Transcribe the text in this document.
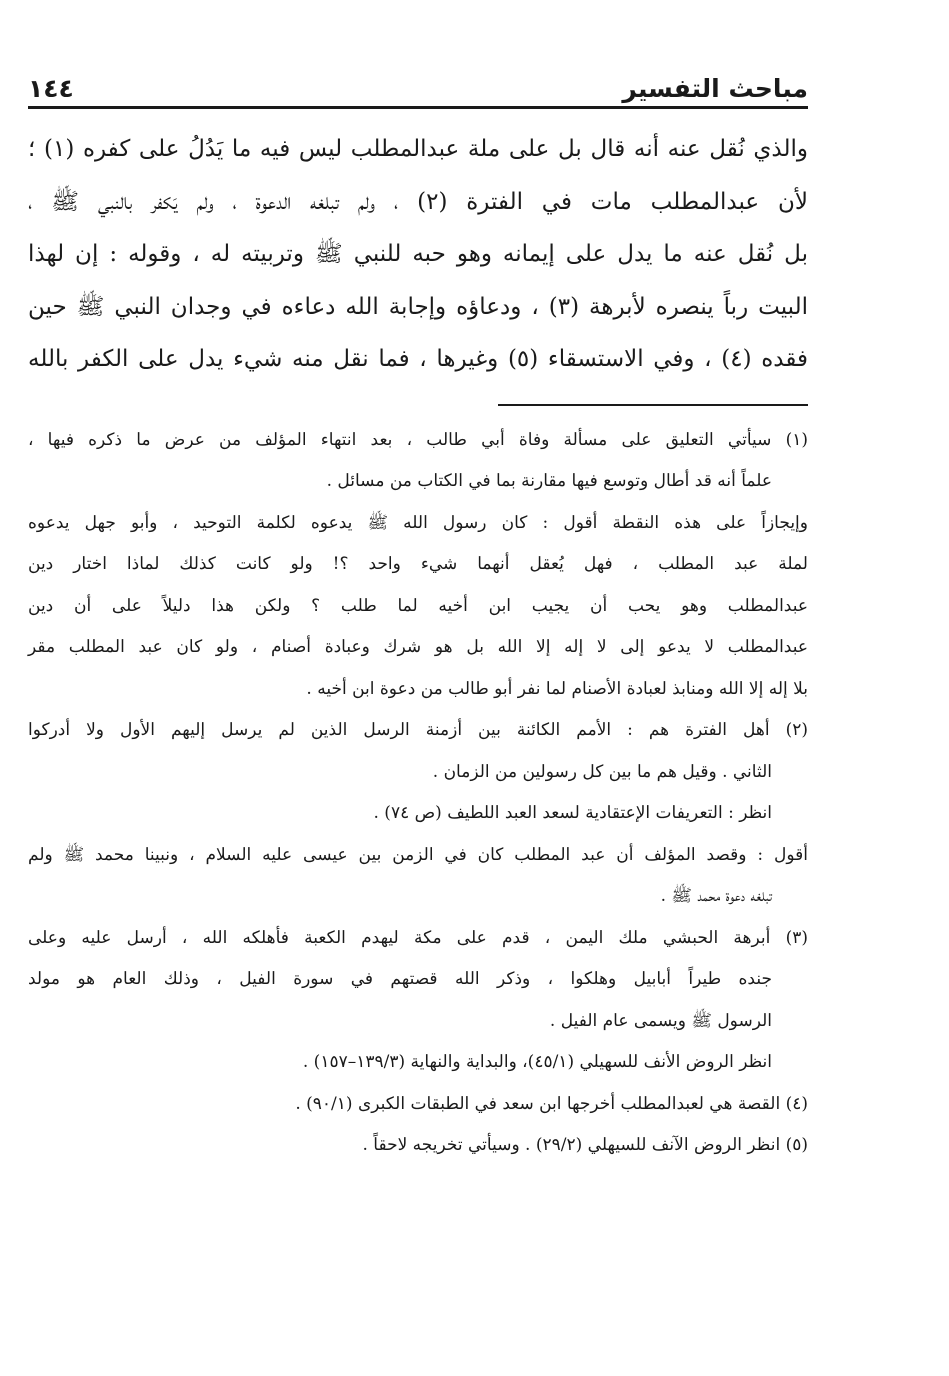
مباحث التفسير
١٤٤

والذي نُقل عنه أنه قال بل على ملة عبدالمطلب ليس فيه ما يَدُلُ على كفره (١) ؛

لأن عبدالمطلب مات في الفترة (٢) ، ولم تبلغه الدعوة ، ولم يَكفر بالنبي ﷺ ،

بل نُقل عنه ما يدل على إيمانه وهو حبه للنبي ﷺ وتربيته له ، وقوله : إن لهذا

البيت رباً ينصره لأبرهة (٣) ، ودعاؤه وإجابة الله دعاءه في وجدان النبي ﷺ حين

فقده (٤) ، وفي الاستسقاء (٥) وغيرها ، فما نقل منه شيء يدل على الكفر بالله

(١) سيأتي التعليق على مسألة وفاة أبي طالب ، بعد انتهاء المؤلف من عرض ما ذكره فيها ،

علماً أنه قد أطال وتوسع فيها مقارنة بما في الكتاب من مسائل .

وإيجازاً على هذه النقطة أقول : كان رسول الله ﷺ يدعوه لكلمة التوحيد ، وأبو جهل يدعوه

لملة عبد المطلب ، فهل يُعقل أنهما شيء واحد ؟! ولو كانت كذلك لماذا اختار دين

عبدالمطلب وهو يحب أن يجيب ابن أخيه لما طلب ؟ ولكن هذا دليلاً على أن دين

عبدالمطلب لا يدعو إلى لا إله إلا الله بل هو شرك وعبادة أصنام ، ولو كان عبد المطلب مقر

بلا إله إلا الله ومنابذ لعبادة الأصنام لما نفر أبو طالب من دعوة ابن أخيه .

(٢) أهل الفترة هم : الأمم الكائنة بين أزمنة الرسل الذين لم يرسل إليهم الأول ولا أدركوا

الثاني . وقيل هم ما بين كل رسولين من الزمان .

انظر : التعريفات الإعتقادية لسعد العبد اللطيف (ص ٧٤) .

أقول : وقصد المؤلف أن عبد المطلب كان في الزمن بين عيسى عليه السلام ، ونبينا محمد ﷺ ولم

تبلغه دعوة محمد ﷺ .

(٣) أبرهة الحبشي ملك اليمن ، قدم على مكة ليهدم الكعبة فأهلكه الله ، أرسل عليه وعلى

جنده طيراً أبابيل وهلكوا ، وذكر الله قصتهم في سورة الفيل ، وذلك العام هو مولد

الرسول ﷺ ويسمى عام الفيل .

انظر الروض الأنف للسهيلي (٤٥/١)، والبداية والنهاية (١٣٩/٣–١٥٧) .

(٤) القصة هي لعبدالمطلب أخرجها ابن سعد في الطبقات الكبرى (٩٠/١) .

(٥) انظر الروض الآنف للسيهلي (٢٩/٢) . وسيأتي تخريجه لاحقاً .
